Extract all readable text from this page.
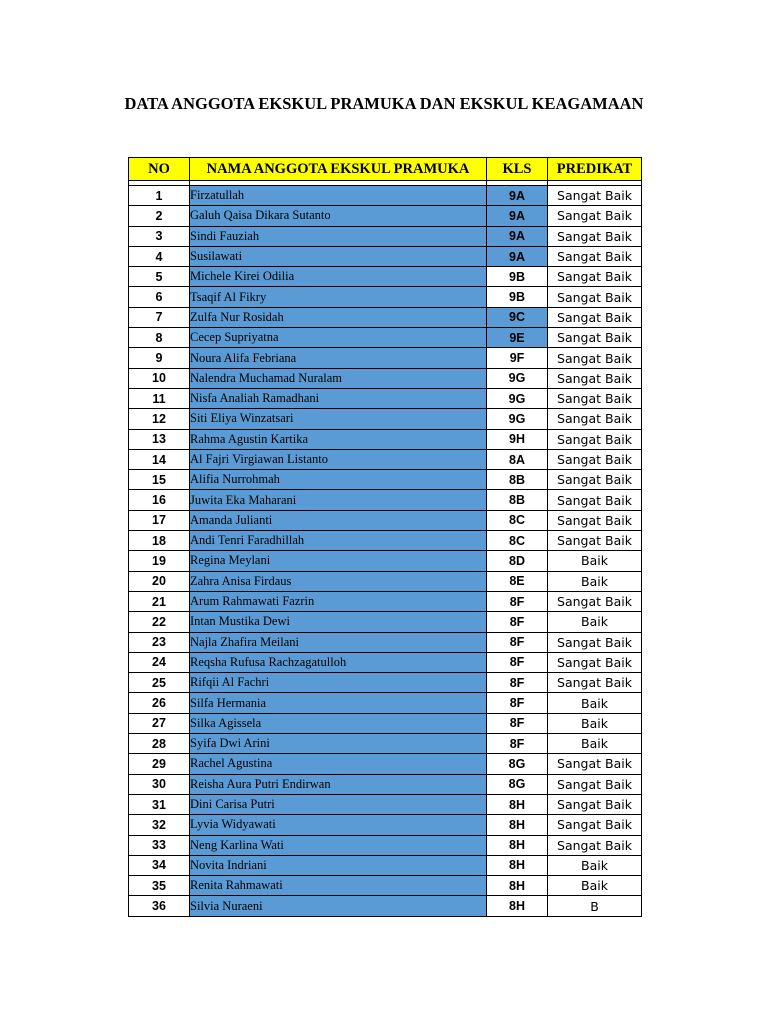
DATA ANGGOTA EKSKUL PRAMUKA DAN EKSKUL KEAGAMAAN
NO	NAMA ANGGOTA EKSKUL PRAMUKA	KLS	PREDIKAT

1	Firzatullah	9A	Sangat Baik
2	Galuh Qaisa Dikara Sutanto	9A	Sangat Baik
3	Sindi Fauziah	9A	Sangat Baik
4	Susilawati	9A	Sangat Baik
5	Michele Kirei Odilia	9B	Sangat Baik
6	Tsaqif Al Fikry	9B	Sangat Baik
7	Zulfa Nur Rosidah	9C	Sangat Baik
8	Cecep Supriyatna	9E	Sangat Baik
9	Noura Alifa Febriana	9F	Sangat Baik
10	Nalendra Muchamad Nuralam	9G	Sangat Baik
11	Nisfa Analiah Ramadhani	9G	Sangat Baik
12	Siti Eliya Winzatsari	9G	Sangat Baik
13	Rahma Agustin Kartika	9H	Sangat Baik
14	Al Fajri Virgiawan Listanto	8A	Sangat Baik
15	Alifia Nurrohmah	8B	Sangat Baik
16	Juwita Eka Maharani	8B	Sangat Baik
17	Amanda Julianti	8C	Sangat Baik
18	Andi Tenri Faradhillah	8C	Sangat Baik
19	Regina Meylani	8D	Baik
20	Zahra Anisa Firdaus	8E	Baik
21	Arum Rahmawati Fazrin	8F	Sangat Baik
22	Intan Mustika Dewi	8F	Baik
23	Najla Zhafira Meilani	8F	Sangat Baik
24	Reqsha Rufusa Rachzagatulloh	8F	Sangat Baik
25	Rifqii Al Fachri	8F	Sangat Baik
26	Silfa Hermania	8F	Baik
27	Silka Agissela	8F	Baik
28	Syifa Dwi Arini	8F	Baik
29	Rachel Agustina	8G	Sangat Baik
30	Reisha Aura Putri Endirwan	8G	Sangat Baik
31	Dini Carisa Putri	8H	Sangat Baik
32	Lyvia Widyawati	8H	Sangat Baik
33	Neng Karlina Wati	8H	Sangat Baik
34	Novita Indriani	8H	Baik
35	Renita Rahmawati	8H	Baik
36	Silvia Nuraeni	8H	B
